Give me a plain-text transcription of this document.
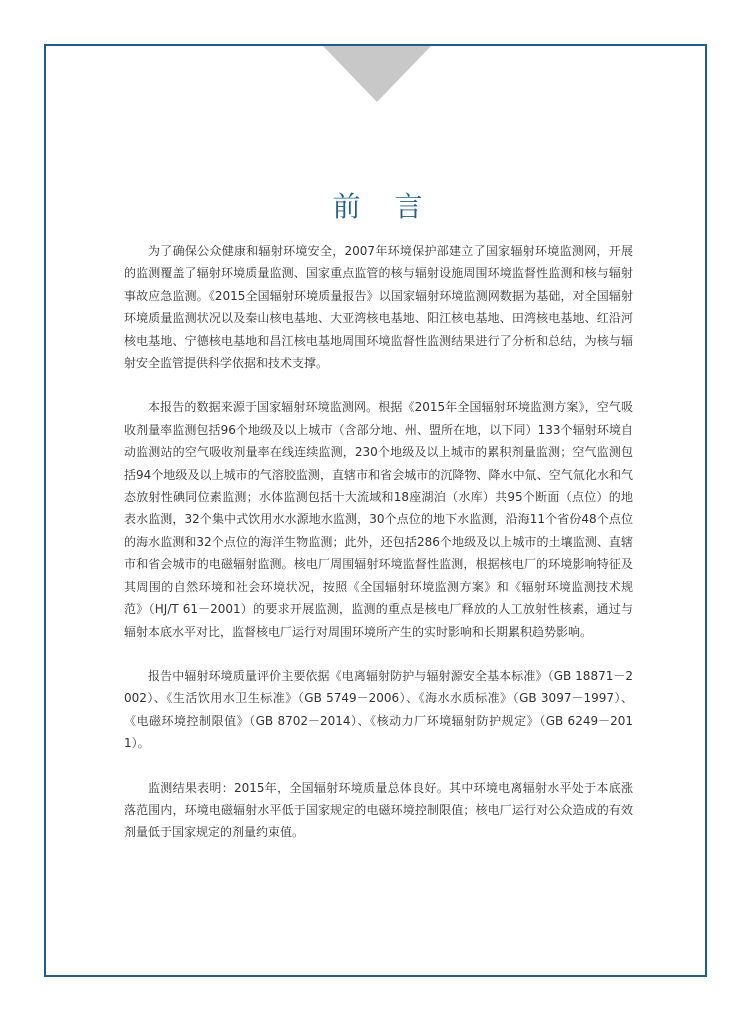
前言

为了确保公众健康和辐射环境安全，2007年环境保护部建立了国家辐射环境监测网，开展的监测覆盖了辐射环境质量监测、国家重点监管的核与辐射设施周围环境监督性监测和核与辐射事故应急监测。《2015全国辐射环境质量报告》以国家辐射环境监测网数据为基础，对全国辐射环境质量监测状况以及秦山核电基地、大亚湾核电基地、阳江核电基地、田湾核电基地、红沿河核电基地、宁德核电基地和昌江核电基地周围环境监督性监测结果进行了分析和总结，为核与辐射安全监管提供科学依据和技术支撑。

本报告的数据来源于国家辐射环境监测网。根据《2015年全国辐射环境监测方案》，空气吸收剂量率监测包括96个地级及以上城市（含部分地、州、盟所在地，以下同）133个辐射环境自动监测站的空气吸收剂量率在线连续监测，230个地级及以上城市的累积剂量监测；空气监测包括94个地级及以上城市的气溶胶监测，直辖市和省会城市的沉降物、降水中氚、空气氚化水和气态放射性碘同位素监测；水体监测包括十大流域和18座湖泊（水库）共95个断面（点位）的地表水监测，32个集中式饮用水水源地水监测，30个点位的地下水监测，沿海11个省份48个点位的海水监测和32个点位的海洋生物监测；此外，还包括286个地级及以上城市的土壤监测、直辖市和省会城市的电磁辐射监测。核电厂周围辐射环境监督性监测，根据核电厂的环境影响特征及其周围的自然环境和社会环境状况，按照《全国辐射环境监测方案》和《辐射环境监测技术规范》（HJ/T 61－2001）的要求开展监测，监测的重点是核电厂释放的人工放射性核素，通过与辐射本底水平对比，监督核电厂运行对周围环境所产生的实时影响和长期累积趋势影响。

报告中辐射环境质量评价主要依据《电离辐射防护与辐射源安全基本标准》（GB 18871－2002）、《生活饮用水卫生标准》（GB 5749－2006）、《海水水质标准》（GB 3097－1997）、《电磁环境控制限值》（GB 8702－2014）、《核动力厂环境辐射防护规定》（GB 6249－2011）。

监测结果表明：2015年，全国辐射环境质量总体良好。其中环境电离辐射水平处于本底涨落范围内，环境电磁辐射水平低于国家规定的电磁环境控制限值；核电厂运行对公众造成的有效剂量低于国家规定的剂量约束值。
